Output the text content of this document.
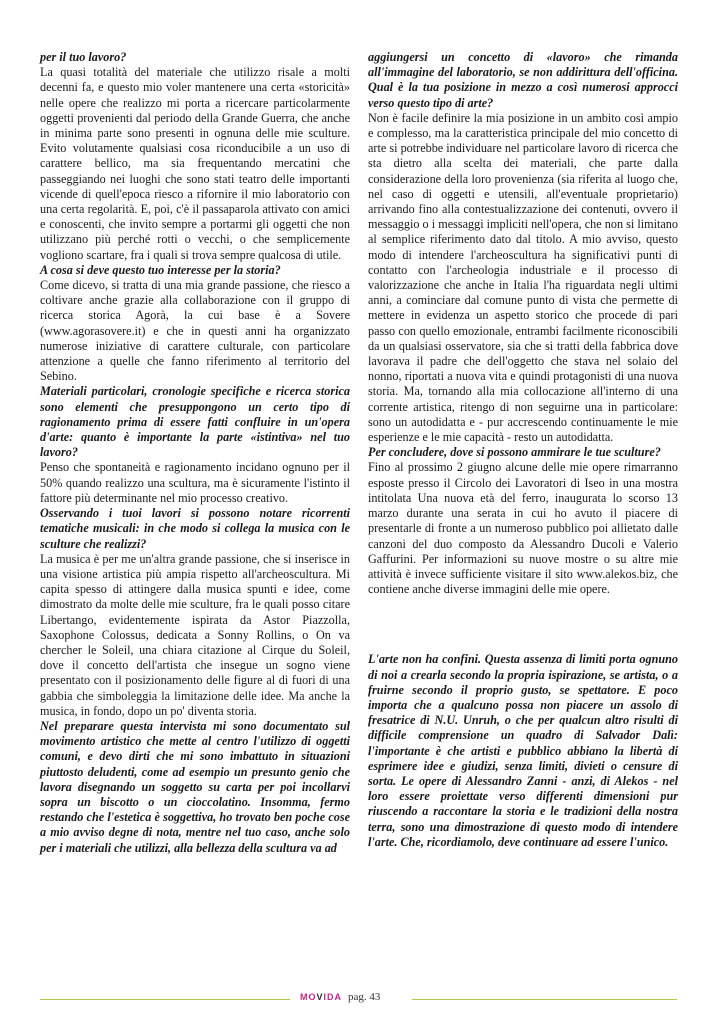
per il tuo lavoro?

La quasi totalità del materiale che utilizzo risale a molti decenni fa, e questo mio voler mantenere una certa «storicità» nelle opere che realizzo mi porta a ricercare particolarmente oggetti provenienti dal periodo della Grande Guerra, che anche in minima parte sono presenti in ognuna delle mie sculture. Evito volutamente qualsiasi cosa riconducibile a un uso di carattere bellico, ma sia frequentando mercatini che passeggiando nei luoghi che sono stati teatro delle importanti vicende di quell'epoca riesco a rifornire il mio laboratorio con una certa regolarità. E, poi, c'è il passaparola attivato con amici e conoscenti, che invito sempre a portarmi gli oggetti che non utilizzano più perché rotti o vecchi, o che semplicemente vogliono scartare, fra i quali si trova sempre qualcosa di utile.

A cosa si deve questo tuo interesse per la storia?

Come dicevo, si tratta di una mia grande passione, che riesco a coltivare anche grazie alla collaborazione con il gruppo di ricerca storica Agorà, la cui base è a Sovere (www.agorasovere.it) e che in questi anni ha organizzato numerose iniziative di carattere culturale, con particolare attenzione a quelle che fanno riferimento al territorio del Sebino.

Materiali particolari, cronologie specifiche e ricerca storica sono elementi che presuppongono un certo tipo di ragionamento prima di essere fatti confluire in un'opera d'arte: quanto è importante la parte «istintiva» nel tuo lavoro?

Penso che spontaneità e ragionamento incidano ognuno per il 50% quando realizzo una scultura, ma è sicuramente l'istinto il fattore più determinante nel mio processo creativo.

Osservando i tuoi lavori si possono notare ricorrenti tematiche musicali: in che modo si collega la musica con le sculture che realizzi?

La musica è per me un'altra grande passione, che si inserisce in una visione artistica più ampia rispetto all'archeoscultura. Mi capita spesso di attingere dalla musica spunti e idee, come dimostrato da molte delle mie sculture, fra le quali posso citare Libertango, evidentemente ispirata da Astor Piazzolla, Saxophone Colossus, dedicata a Sonny Rollins, o On va chercher le Soleil, una chiara citazione al Cirque du Soleil, dove il concetto dell'artista che insegue un sogno viene presentato con il posizionamento delle figure al di fuori di una gabbia che simboleggia la limitazione delle idee. Ma anche la musica, in fondo, dopo un po' diventa storia.

Nel preparare questa intervista mi sono documentato sul movimento artistico che mette al centro l'utilizzo di oggetti comuni, e devo dirti che mi sono imbattuto in situazioni piuttosto deludenti, come ad esempio un presunto genio che lavora disegnando un soggetto su carta per poi incollarvi sopra un biscotto o un cioccolatino. Insomma, fermo restando che l'estetica è soggettiva, ho trovato ben poche cose a mio avviso degne di nota, mentre nel tuo caso, anche solo per i materiali che utilizzi, alla bellezza della scultura va ad

aggiungersi un concetto di «lavoro» che rimanda all'immagine del laboratorio, se non addirittura dell'officina. Qual è la tua posizione in mezzo a così numerosi approcci verso questo tipo di arte?

Non è facile definire la mia posizione in un ambito così ampio e complesso, ma la caratteristica principale del mio concetto di arte si potrebbe individuare nel particolare lavoro di ricerca che sta dietro alla scelta dei materiali, che parte dalla considerazione della loro provenienza (sia riferita al luogo che, nel caso di oggetti e utensili, all'eventuale proprietario) arrivando fino alla contestualizzazione dei contenuti, ovvero il messaggio o i messaggi impliciti nell'opera, che non si limitano al semplice riferimento dato dal titolo. A mio avviso, questo modo di intendere l'archeoscultura ha significativi punti di contatto con l'archeologia industriale e il processo di valorizzazione che anche in Italia l'ha riguardata negli ultimi anni, a cominciare dal comune punto di vista che permette di mettere in evidenza un aspetto storico che procede di pari passo con quello emozionale, entrambi facilmente riconoscibili da un qualsiasi osservatore, sia che si tratti della fabbrica dove lavorava il padre che dell'oggetto che stava nel solaio del nonno, riportati a nuova vita e quindi protagonisti di una nuova storia. Ma, tornando alla mia collocazione all'interno di una corrente artistica, ritengo di non seguirne una in particolare: sono un autodidatta e - pur accrescendo continuamente le mie esperienze e le mie capacità - resto un autodidatta.

Per concludere, dove si possono ammirare le tue sculture?

Fino al prossimo 2 giugno alcune delle mie opere rimarranno esposte presso il Circolo dei Lavoratori di Iseo in una mostra intitolata Una nuova età del ferro, inaugurata lo scorso 13 marzo durante una serata in cui ho avuto il piacere di presentarle di fronte a un numeroso pubblico poi allietato dalle canzoni del duo composto da Alessandro Ducoli e Valerio Gaffurini. Per informazioni su nuove mostre o su altre mie attività è invece sufficiente visitare il sito www.alekos.biz, che contiene anche diverse immagini delle mie opere.

L'arte non ha confini. Questa assenza di limiti porta ognuno di noi a crearla secondo la propria ispirazione, se artista, o a fruirne secondo il proprio gusto, se spettatore. E poco importa che a qualcuno possa non piacere un assolo di fresatrice di N.U. Unruh, o che per qualcun altro risulti di difficile comprensione un quadro di Salvador Dalì: l'importante è che artisti e pubblico abbiano la libertà di esprimere idee e giudizi, senza limiti, divieti o censure di sorta. Le opere di Alessandro Zanni - anzi, di Alekos - nel loro essere proiettate verso differenti dimensioni pur riuscendo a raccontare la storia e le tradizioni della nostra terra, sono una dimostrazione di questo modo di intendere l'arte. Che, ricordiamolo, deve continuare ad essere l'unico.

MOVIDA pag. 43
